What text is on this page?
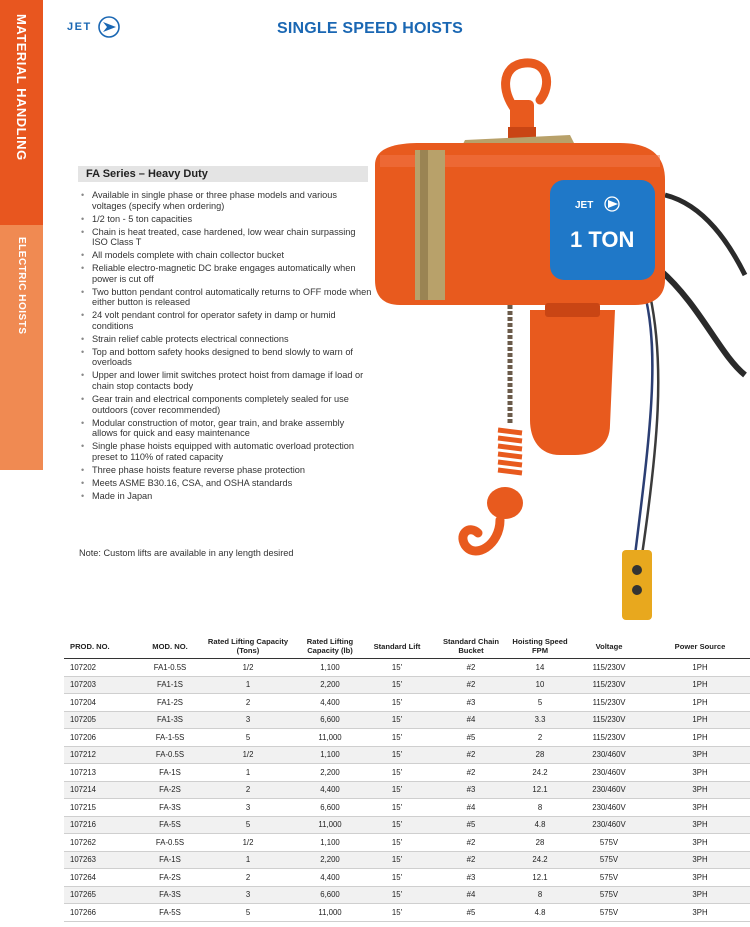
MATERIAL HANDLING
ELECTRIC HOISTS
JET	SINGLE SPEED HOISTS
JET
1 TON
FA Series – Heavy Duty
• Available in single phase or three phase models and various voltages (specify when ordering)
• 1/2 ton - 5 ton capacities
• Chain is heat treated, case hardened, low wear chain surpassing ISO Class T
• All models complete with chain collector bucket
• Reliable electro-magnetic DC brake engages automatically when power is cut off
• Two button pendant control automatically returns to OFF mode when either button is released
• 24 volt pendant control for operator safety in damp or humid conditions
• Strain relief cable protects electrical connections
• Top and bottom safety hooks designed to bend slowly to warn of overloads
• Upper and lower limit switches protect hoist from damage if load or chain stop contacts body
• Gear train and electrical components completely sealed for use outdoors (cover recommended)
• Modular construction of motor, gear train, and brake assembly allows for quick and easy maintenance
• Single phase hoists equipped with automatic overload protection preset to 110% of rated capacity
• Three phase hoists feature reverse phase protection
• Meets ASME B30.16, CSA, and OSHA standards
• Made in Japan
Note: Custom lifts are available in any length desired
PROD. NO.	MOD. NO.	Rated Lifting Capacity (Tons)	Rated Lifting Capacity (lb)	Standard Lift	Standard Chain Bucket	Hoisting Speed FPM	Voltage	Power Source
107202	FA1-0.5S	1/2	1,100	15'	#2	14	115/230V	1PH
107203	FA1-1S	1	2,200	15'	#2	10	115/230V	1PH
107204	FA1-2S	2	4,400	15'	#3	5	115/230V	1PH
107205	FA1-3S	3	6,600	15'	#4	3.3	115/230V	1PH
107206	FA-1-5S	5	11,000	15'	#5	2	115/230V	1PH
107212	FA-0.5S	1/2	1,100	15'	#2	28	230/460V	3PH
107213	FA-1S	1	2,200	15'	#2	24.2	230/460V	3PH
107214	FA-2S	2	4,400	15'	#3	12.1	230/460V	3PH
107215	FA-3S	3	6,600	15'	#4	8	230/460V	3PH
107216	FA-5S	5	11,000	15'	#5	4.8	230/460V	3PH
107262	FA-0.5S	1/2	1,100	15'	#2	28	575V	3PH
107263	FA-1S	1	2,200	15'	#2	24.2	575V	3PH
107264	FA-2S	2	4,400	15'	#3	12.1	575V	3PH
107265	FA-3S	3	6,600	15'	#4	8	575V	3PH
107266	FA-5S	5	11,000	15'	#5	4.8	575V	3PH
